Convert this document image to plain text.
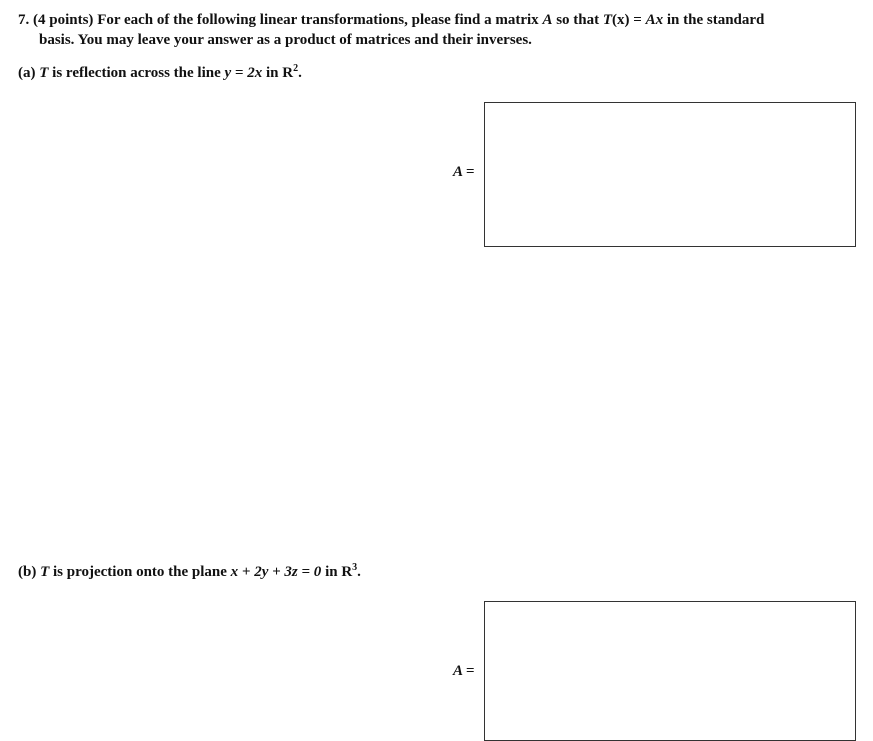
7. (4 points) For each of the following linear transformations, please find a matrix A so that T(x) = Ax in the standard
basis. You may leave your answer as a product of matrices and their inverses.
(a) T is reflection across the line y = 2x in $R^2$.
A =
(b) T is projection onto the plane x + 2y + 3z = 0 in $R^3$.
A =
